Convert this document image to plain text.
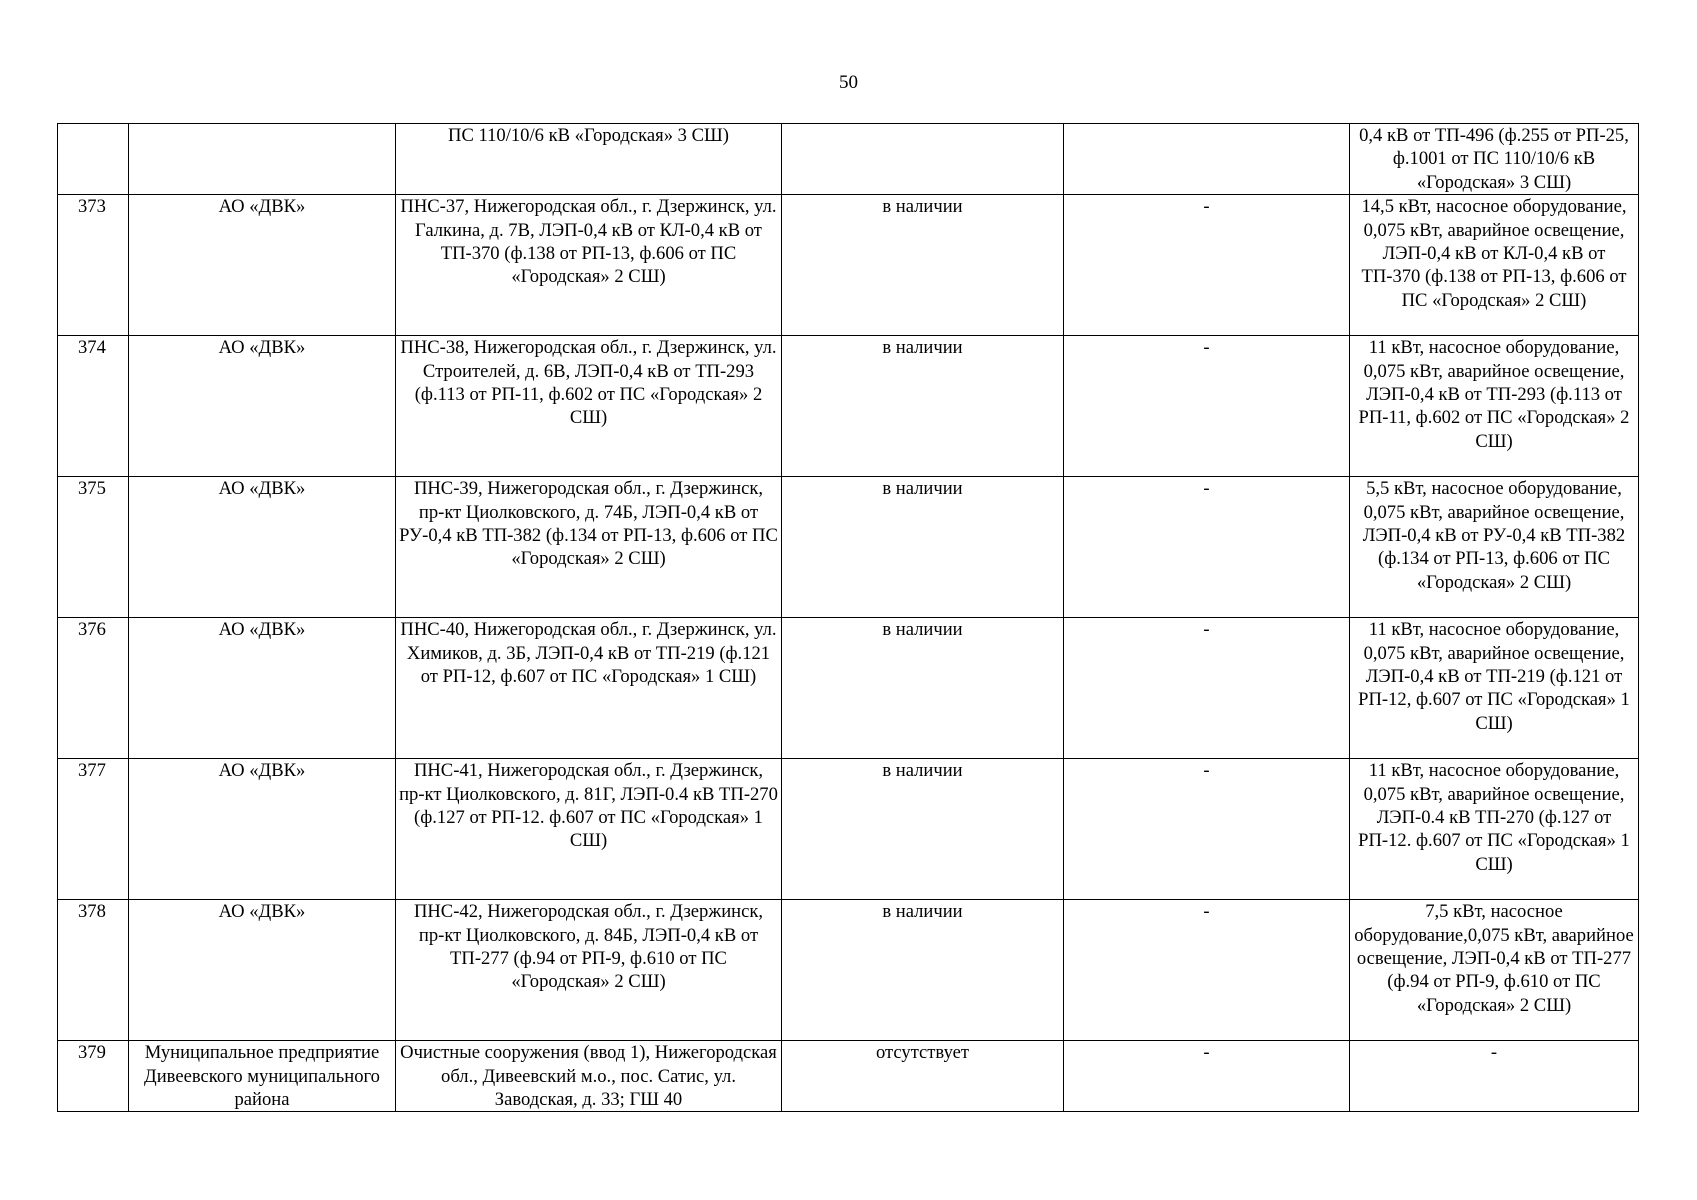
50
		ПС 110/10/6 кВ «Городская» 3 СШ)			0,4 кВ от ТП-496 (ф.255 от РП-25, ф.1001 от ПС 110/10/6 кВ «Городская» 3 СШ)
373	АО «ДВК»	ПНС-37, Нижегородская обл., г. Дзержинск, ул. Галкина, д. 7В, ЛЭП-0,4 кВ от КЛ-0,4 кВ от ТП-370 (ф.138 от РП-13, ф.606 от ПС «Городская» 2 СШ)	в наличии	-	14,5 кВт, насосное оборудование, 0,075 кВт, аварийное освещение, ЛЭП-0,4 кВ от КЛ-0,4 кВ от ТП-370 (ф.138 от РП-13, ф.606 от ПС «Городская» 2 СШ)
374	АО «ДВК»	ПНС-38, Нижегородская обл., г. Дзержинск, ул. Строителей, д. 6В, ЛЭП-0,4 кВ от ТП-293 (ф.113 от РП-11, ф.602 от ПС «Городская» 2 СШ)	в наличии	-	11 кВт, насосное оборудование, 0,075 кВт, аварийное освещение, ЛЭП-0,4 кВ от ТП-293 (ф.113 от РП-11, ф.602 от ПС «Городская» 2 СШ)
375	АО «ДВК»	ПНС-39, Нижегородская обл., г. Дзержинск, пр-кт Циолковского, д. 74Б, ЛЭП-0,4 кВ от РУ-0,4 кВ ТП-382 (ф.134 от РП-13, ф.606 от ПС «Городская» 2 СШ)	в наличии	-	5,5 кВт, насосное оборудование, 0,075 кВт, аварийное освещение, ЛЭП-0,4 кВ от РУ-0,4 кВ ТП-382 (ф.134 от РП-13, ф.606 от ПС «Городская» 2 СШ)
376	АО «ДВК»	ПНС-40, Нижегородская обл., г. Дзержинск, ул. Химиков, д. 3Б, ЛЭП-0,4 кВ от ТП-219 (ф.121 от РП-12, ф.607 от ПС «Городская» 1 СШ)	в наличии	-	11 кВт, насосное оборудование, 0,075 кВт, аварийное освещение, ЛЭП-0,4 кВ от ТП-219 (ф.121 от РП-12, ф.607 от ПС «Городская» 1 СШ)
377	АО «ДВК»	ПНС-41, Нижегородская обл., г. Дзержинск, пр-кт Циолковского, д. 81Г, ЛЭП-0.4 кВ ТП-270 (ф.127 от РП-12. ф.607 от ПС «Городская» 1 СШ)	в наличии	-	11 кВт, насосное оборудование, 0,075 кВт, аварийное освещение, ЛЭП-0.4 кВ ТП-270 (ф.127 от РП-12. ф.607 от ПС «Городская» 1 СШ)
378	АО «ДВК»	ПНС-42, Нижегородская обл., г. Дзержинск, пр-кт Циолковского, д. 84Б, ЛЭП-0,4 кВ от ТП-277 (ф.94 от РП-9, ф.610 от ПС «Городская» 2 СШ)	в наличии	-	7,5 кВт, насосное оборудование,0,075 кВт, аварийное освещение, ЛЭП-0,4 кВ от ТП-277 (ф.94 от РП-9, ф.610 от ПС «Городская» 2 СШ)
379	Муниципальное предприятие Дивеевского муниципального района	Очистные сооружения (ввод 1), Нижегородская обл., Дивеевский м.о., пос. Сатис, ул. Заводская, д. 33; ГШ 40	отсутствует	-	-
